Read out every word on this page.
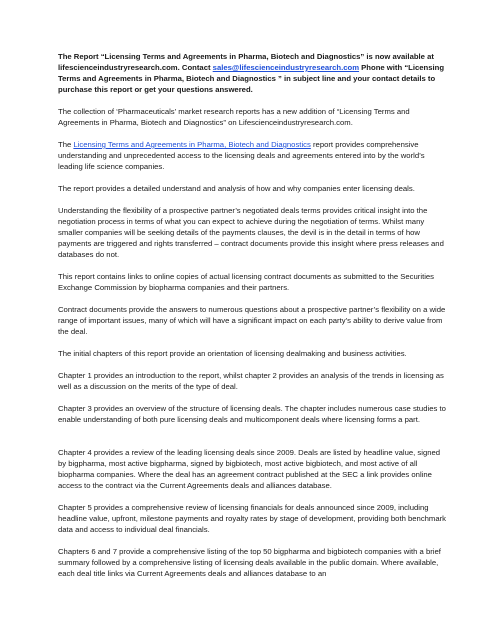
The Report “Licensing Terms and Agreements in Pharma, Biotech and Diagnostics” is now available at lifescienceindustryresearch.com. Contact sales@lifescienceindustryresearch.com Phone with “Licensing Terms and Agreements in Pharma, Biotech and Diagnostics ” in subject line and your contact details to purchase this report or get your questions answered.

The collection of ‘Pharmaceuticals’ market research reports has a new addition of “Licensing Terms and Agreements in Pharma, Biotech and Diagnostics” on Lifescienceindustryresearch.com.

The Licensing Terms and Agreements in Pharma, Biotech and Diagnostics report provides comprehensive understanding and unprecedented access to the licensing deals and agreements entered into by the world’s leading life science companies.

The report provides a detailed understand and analysis of how and why companies enter licensing deals.

Understanding the flexibility of a prospective partner’s negotiated deals terms provides critical insight into the negotiation process in terms of what you can expect to achieve during the negotiation of terms. Whilst many smaller companies will be seeking details of the payments clauses, the devil is in the detail in terms of how payments are triggered and rights transferred – contract documents provide this insight where press releases and databases do not.

This report contains links to online copies of actual licensing contract documents as submitted to the Securities Exchange Commission by biopharma companies and their partners.

Contract documents provide the answers to numerous questions about a prospective partner’s flexibility on a wide range of important issues, many of which will have a significant impact on each party’s ability to derive value from the deal.

The initial chapters of this report provide an orientation of licensing dealmaking and business activities.

Chapter 1 provides an introduction to the report, whilst chapter 2 provides an analysis of the trends in licensing as well as a discussion on the merits of the type of deal.

Chapter 3 provides an overview of the structure of licensing deals. The chapter includes numerous case studies to enable understanding of both pure licensing deals and multicomponent deals where licensing forms a part.

Chapter 4 provides a review of the leading licensing deals since 2009. Deals are listed by headline value, signed by bigpharma, most active bigpharma, signed by bigbiotech, most active bigbiotech, and most active of all biopharma companies. Where the deal has an agreement contract published at the SEC a link provides online access to the contract via the Current Agreements deals and alliances database.

Chapter 5 provides a comprehensive review of licensing financials for deals announced since 2009, including headline value, upfront, milestone payments and royalty rates by stage of development, providing both benchmark data and access to individual deal financials.

Chapters 6 and 7 provide a comprehensive listing of the top 50 bigpharma and bigbiotech companies with a brief summary followed by a comprehensive listing of licensing deals available in the public domain. Where available, each deal title links via Current Agreements deals and alliances database to an
